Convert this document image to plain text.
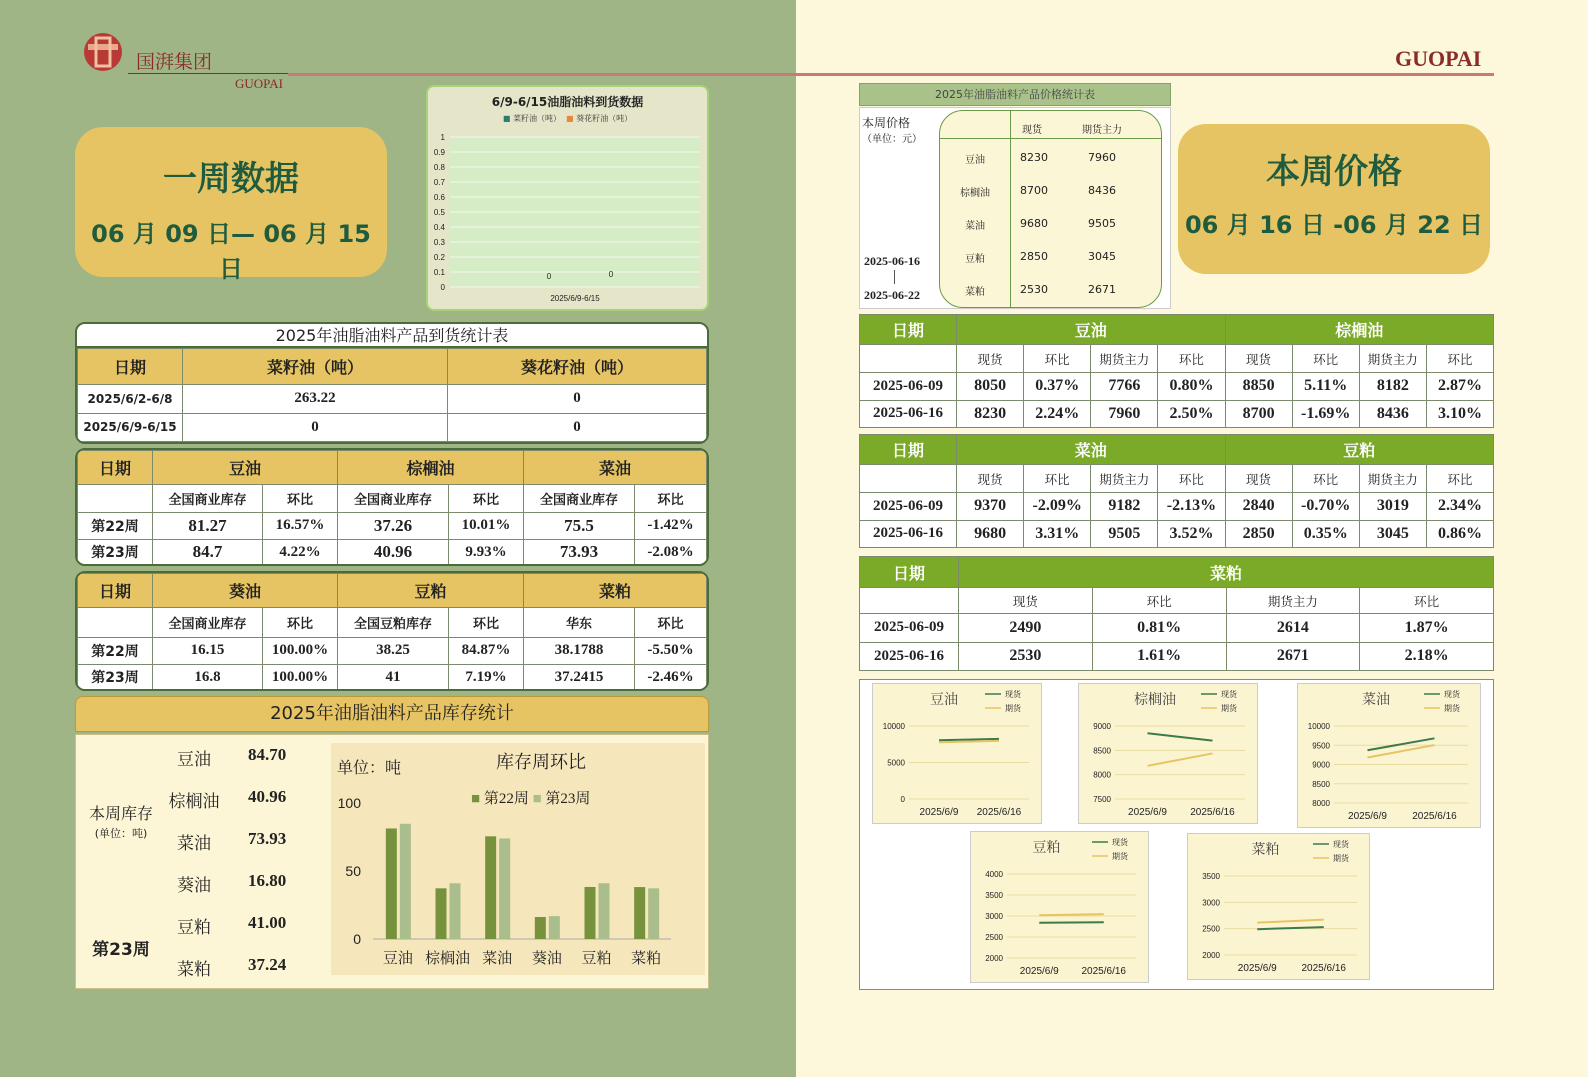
国湃集团
GUOPAI
GUOPAI
一周数据
06 月 09 日— 06 月 15 日
6/9-6/15油脂油料到货数据
■ 菜籽油（吨） ■ 葵花籽油（吨）
1
0.9
0.8
0.7
0.6
0.5
0.4
0.3
0.2
0.1
0
0	0
2025/6/9-6/15
2025年油脂油料产品到货统计表
日期	菜籽油（吨）	葵花籽油（吨）
2025/6/2-6/8	263.22	0
2025/6/9-6/15	0	0
日期	豆油		棕榈油		菜油	
	全国商业库存	环比	全国商业库存	环比	全国商业库存	环比
第22周	81.27	16.57%	37.26	10.01%	75.5	-1.42%
第23周	84.7	4.22%	40.96	9.93%	73.93	-2.08%
日期	葵油		豆粕		菜粕	
	全国商业库存	环比	全国豆粕库存	环比	华东	环比
第22周	16.15	100.00%	38.25	84.87%	38.1788	-5.50%
第23周	16.8	100.00%	41	7.19%	37.2415	-2.46%
2025年油脂油料产品库存统计
本周库存
(单位：吨)
第23周
豆油	84.70
棕榈油 40.96
菜油	73.93
葵油	16.80
豆粕	41.00
菜粕	37.24
单位：吨	库存周环比
■ 第22周 ■ 第23周
100
50
0
豆油 棕榈油 菜油 葵油 豆粕 菜粕
本周价格
06 月 16 日 -06 月 22 日
2025年油脂油料产品价格统计表
本周价格
（单位：元）
2025-06-16
2025-06-22
现货	期货主力
豆油	8230	7960
棕榈油	8700	8436
菜油	9680	9505
豆粕	2850	3045
菜粕	2530	2671
日期	豆油				棕榈油			
	现货	环比	期货主力	环比	现货	环比	期货主力	环比
2025-06-09	8050	0.37%	7766	0.80%	8850	5.11%	8182	2.87%
2025-06-16	8230	2.24%	7960	2.50%	8700	-1.69%	8436	3.10%
日期	菜油				豆粕			
	现货	环比	期货主力	环比	现货	环比	期货主力	环比
2025-06-09	9370	-2.09%	9182	-2.13%	2840	-0.70%	3019	2.34%
2025-06-16	9680	3.31%	9505	3.52%	2850	0.35%	3045	0.86%
日期	菜粕			
	现货	环比	期货主力	环比
2025-06-09	2490	0.81%	2614	1.87%
2025-06-16	2530	1.61%	2671	2.18%
豆油	现货
期货
0
5000
10000
2025/6/9 2025/6/16
棕榈油	现货
期货
7500
8000
8500
9000
2025/6/9 2025/6/16
菜油	现货
期货
8000
8500
9000
9500
10000
2025/6/9	2025/6/16
豆粕	现货
期货
2000
2500
3000
3500
4000
2025/6/9 2025/6/16
菜粕	现货
期货
2000
2500
3000
3500
2025/6/9 2025/6/16
